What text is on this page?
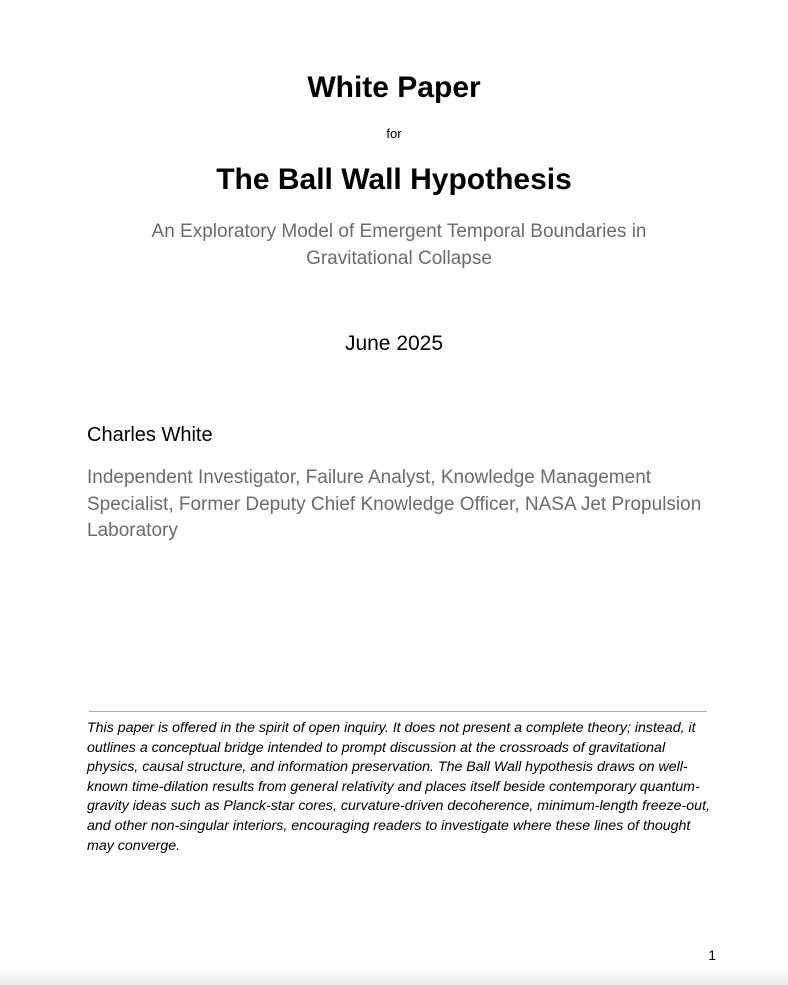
White Paper
for
The Ball Wall Hypothesis
An Exploratory Model of Emergent Temporal Boundaries in Gravitational Collapse
June 2025
Charles White
Independent Investigator, Failure Analyst, Knowledge Management Specialist, Former Deputy Chief Knowledge Officer, NASA Jet Propulsion Laboratory
This paper is offered in the spirit of open inquiry. It does not present a complete theory; instead, it outlines a conceptual bridge intended to prompt discussion at the crossroads of gravitational physics, causal structure, and information preservation. The Ball Wall hypothesis draws on well-known time-dilation results from general relativity and places itself beside contemporary quantum-gravity ideas such as Planck-star cores, curvature-driven decoherence, minimum-length freeze-out, and other non-singular interiors, encouraging readers to investigate where these lines of thought may converge.
1
